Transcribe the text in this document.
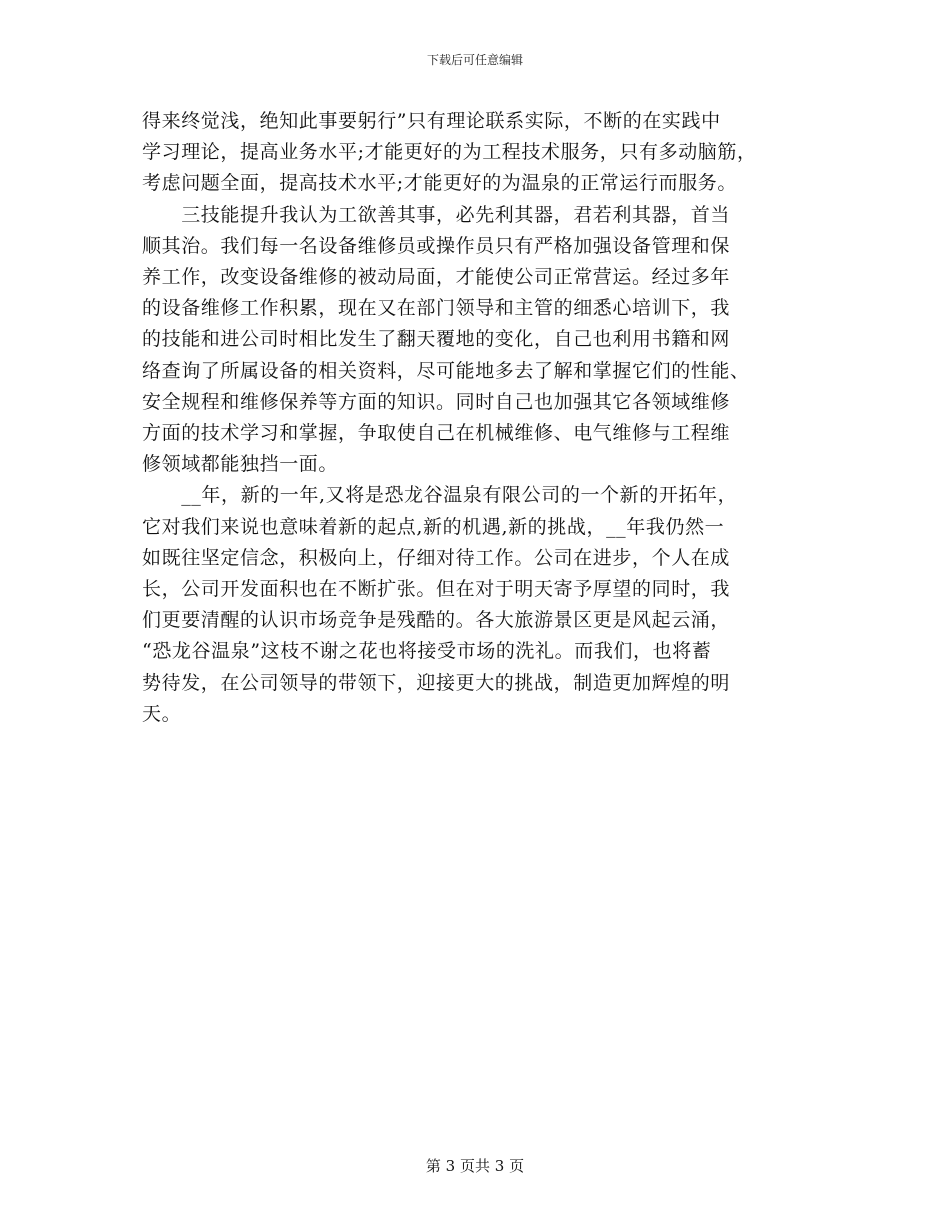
下载后可任意编辑

得来终觉浅，绝知此事要躬行”只有理论联系实际，不断的在实践中
学习理论，提高业务水平;才能更好的为工程技术服务，只有多动脑筋，
考虑问题全面，提高技术水平;才能更好的为温泉的正常运行而服务。

　　三技能提升我认为工欲善其事，必先利其器，君若利其器，首当
顺其治。我们每一名设备维修员或操作员只有严格加强设备管理和保
养工作，改变设备维修的被动局面，才能使公司正常营运。经过多年
的设备维修工作积累，现在又在部门领导和主管的细悉心培训下，我
的技能和进公司时相比发生了翻天覆地的变化，自己也利用书籍和网
络查询了所属设备的相关资料，尽可能地多去了解和掌握它们的性能、
安全规程和维修保养等方面的知识。同时自己也加强其它各领域维修
方面的技术学习和掌握，争取使自己在机械维修、电气维修与工程维
修领域都能独挡一面。

　　__年，新的一年,又将是恐龙谷温泉有限公司的一个新的开拓年，
它对我们来说也意味着新的起点,新的机遇,新的挑战，__年我仍然一
如既往坚定信念，积极向上，仔细对待工作。公司在进步，个人在成
长，公司开发面积也在不断扩张。但在对于明天寄予厚望的同时，我
们更要清醒的认识市场竞争是残酷的。各大旅游景区更是风起云涌，
“恐龙谷温泉”这枝不谢之花也将接受市场的洗礼。而我们，也将蓄
势待发，在公司领导的带领下，迎接更大的挑战，制造更加辉煌的明
天。

第 3 页共 3 页
